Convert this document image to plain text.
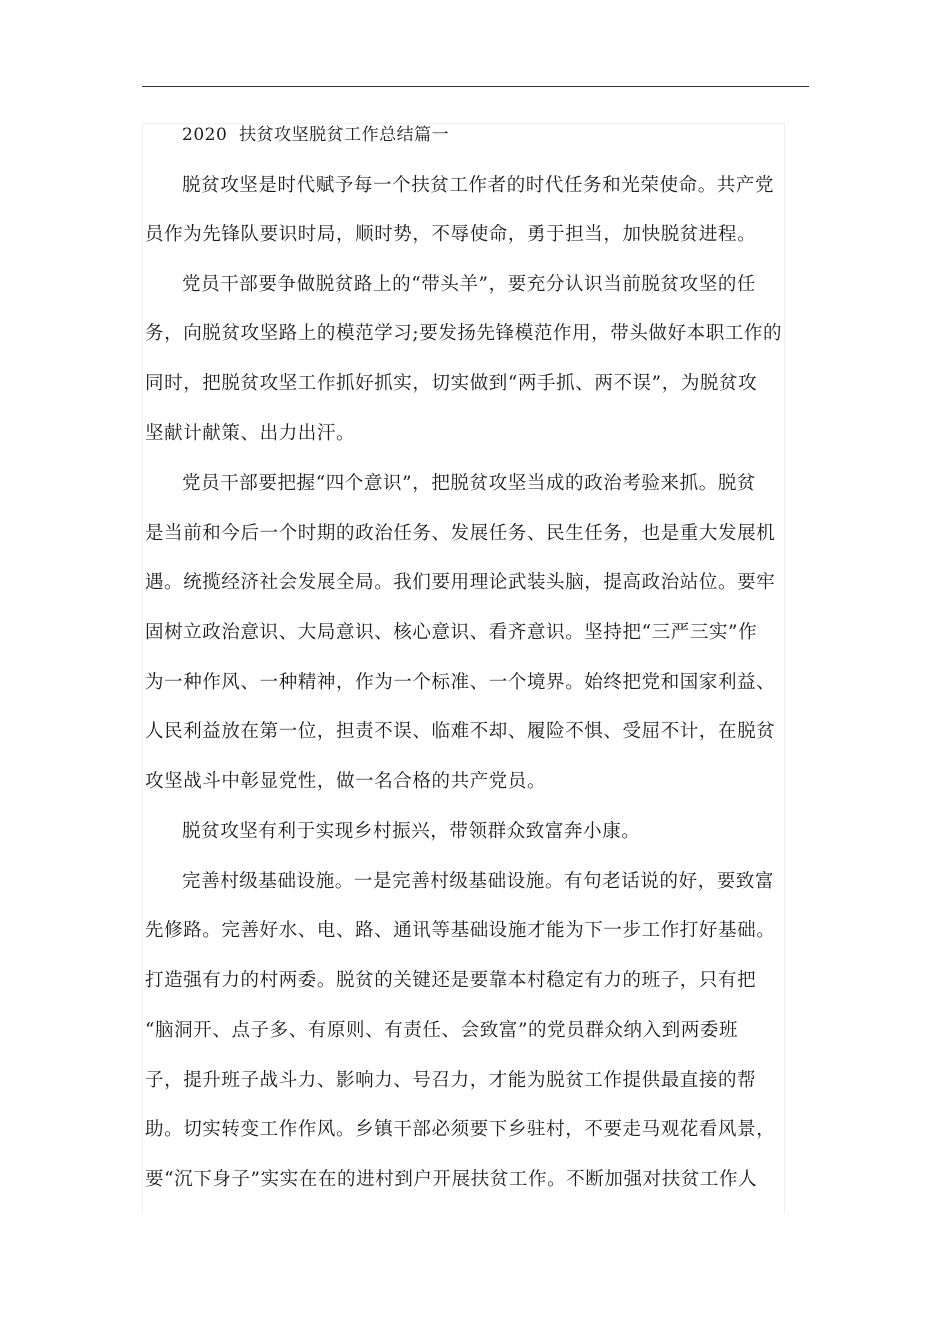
2020  扶贫攻坚脱贫工作总结篇一
脱贫攻坚是时代赋予每一个扶贫工作者的时代任务和光荣使命。共产党
员作为先锋队要识时局，顺时势，不辱使命，勇于担当，加快脱贫进程。
党员干部要争做脱贫路上的“带头羊”，要充分认识当前脱贫攻坚的任
务，向脱贫攻坚路上的模范学习;要发扬先锋模范作用，带头做好本职工作的
同时，把脱贫攻坚工作抓好抓实，切实做到“两手抓、两不误”，为脱贫攻
坚献计献策、出力出汗。
党员干部要把握“四个意识”，把脱贫攻坚当成的政治考验来抓。脱贫
是当前和今后一个时期的政治任务、发展任务、民生任务，也是重大发展机
遇。统揽经济社会发展全局。我们要用理论武装头脑，提高政治站位。要牢
固树立政治意识、大局意识、核心意识、看齐意识。坚持把“三严三实”作
为一种作风、一种精神，作为一个标准、一个境界。始终把党和国家利益、
人民利益放在第一位，担责不误、临难不却、履险不惧、受屈不计，在脱贫
攻坚战斗中彰显党性，做一名合格的共产党员。
脱贫攻坚有利于实现乡村振兴，带领群众致富奔小康。
完善村级基础设施。一是完善村级基础设施。有句老话说的好，要致富
先修路。完善好水、电、路、通讯等基础设施才能为下一步工作打好基础。
打造强有力的村两委。脱贫的关键还是要靠本村稳定有力的班子，只有把
“脑洞开、点子多、有原则、有责任、会致富”的党员群众纳入到两委班
子，提升班子战斗力、影响力、号召力，才能为脱贫工作提供最直接的帮
助。切实转变工作作风。乡镇干部必须要下乡驻村，不要走马观花看风景，
要“沉下身子”实实在在的进村到户开展扶贫工作。不断加强对扶贫工作人
